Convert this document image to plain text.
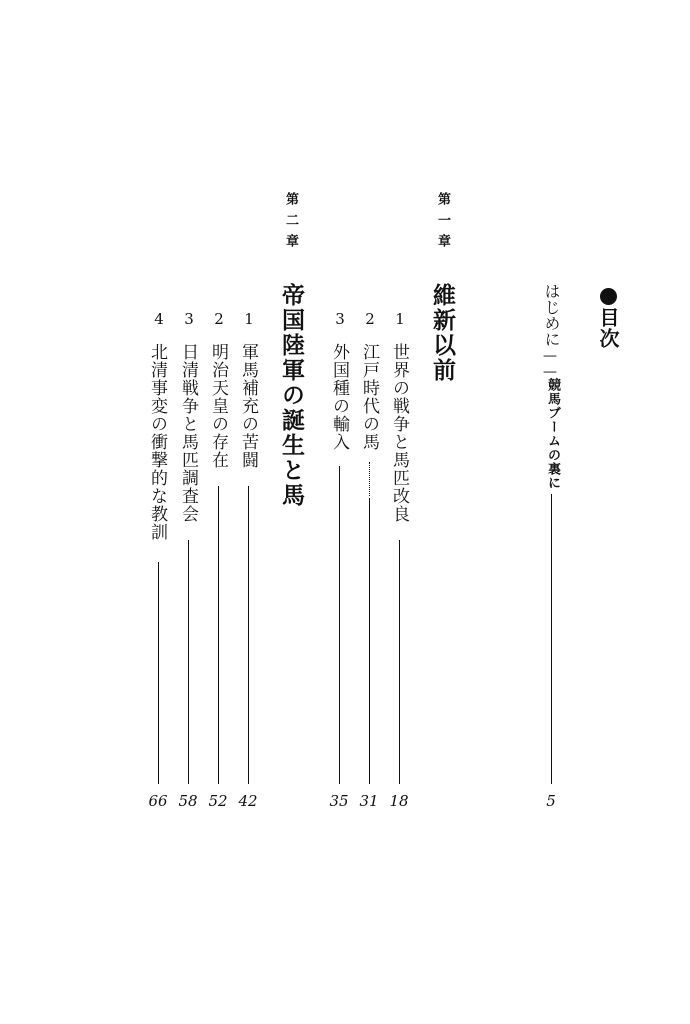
目次
はじめに
——
競馬ブームの裏に
5
第一章
維新以前
1
世界の戦争と馬匹改良
18
2
江戸時代の馬
31
3
外国種の輸入
35
第二章
帝国陸軍の誕生と馬
1
軍馬補充の苦闘
42
2
明治天皇の存在
52
3
日清戦争と馬匹調査会
58
4
北清事変の衝撃的な教訓
66
